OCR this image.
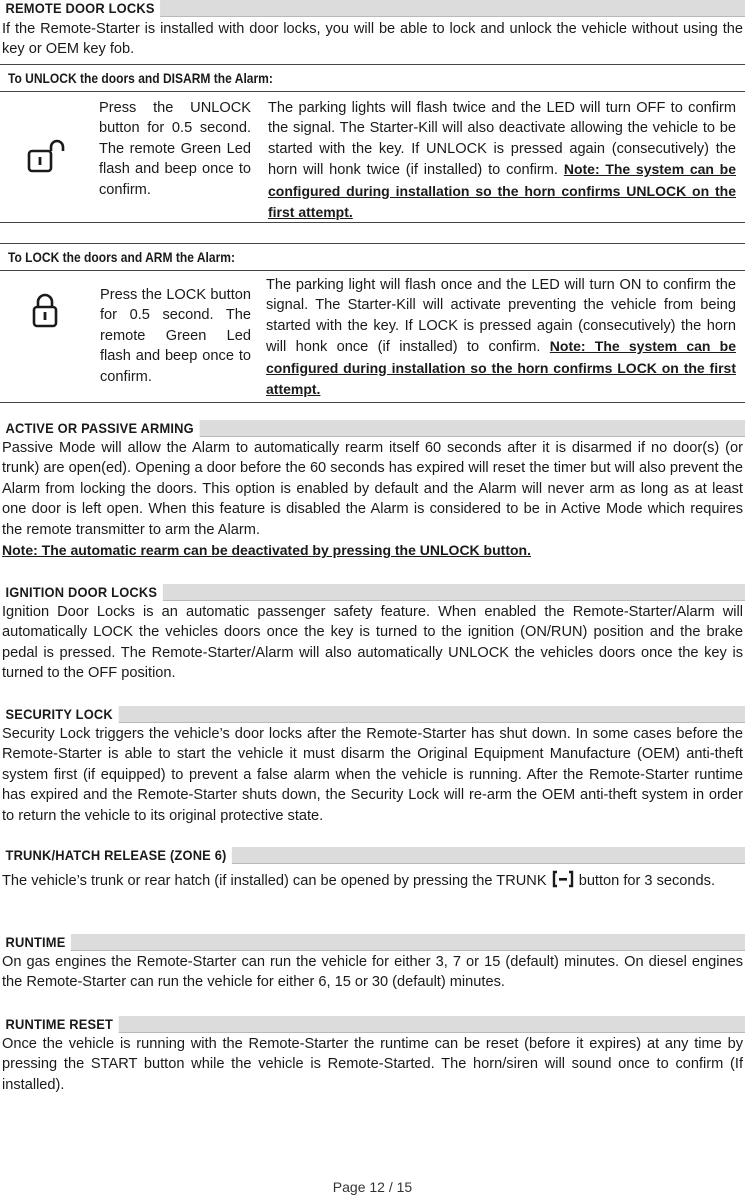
REMOTE DOOR LOCKS
If the Remote-Starter is installed with door locks, you will be able to lock and unlock the vehicle without using the key or OEM key fob.
To UNLOCK the doors and DISARM the Alarm:
Press the UNLOCK button for 0.5 second. The remote Green Led flash and beep once to confirm.
The parking lights will flash twice and the LED will turn OFF to confirm the signal. The Starter-Kill will also deactivate allowing the vehicle to be started with the key. If UNLOCK is pressed again (consecutively) the horn will honk twice (if installed) to confirm. Note: The system can be configured during installation so the horn confirms UNLOCK on the first attempt.
To LOCK the doors and ARM the Alarm:
Press the LOCK button for 0.5 second. The remote Green Led flash and beep once to confirm.
The parking light will flash once and the LED will turn ON to confirm the signal. The Starter-Kill will activate preventing the vehicle from being started with the key. If LOCK is pressed again (consecutively) the horn will honk once (if installed) to confirm. Note: The system can be configured during installation so the horn confirms LOCK on the first attempt.
ACTIVE OR PASSIVE ARMING
Passive Mode will allow the Alarm to automatically rearm itself 60 seconds after it is disarmed if no door(s) (or trunk) are open(ed). Opening a door before the 60 seconds has expired will reset the timer but will also prevent the Alarm from locking the doors. This option is enabled by default and the Alarm will never arm as long as at least one door is left open. When this feature is disabled the Alarm is considered to be in Active Mode which requires the remote transmitter to arm the Alarm.
Note: The automatic rearm can be deactivated by pressing the UNLOCK button.
IGNITION DOOR LOCKS
Ignition Door Locks is an automatic passenger safety feature. When enabled the Remote-Starter/Alarm will automatically LOCK the vehicles doors once the key is turned to the ignition (ON/RUN) position and the brake pedal is pressed. The Remote-Starter/Alarm will also automatically UNLOCK the vehicles doors once the key is turned to the OFF position.
SECURITY LOCK
Security Lock triggers the vehicle’s door locks after the Remote-Starter has shut down. In some cases before the Remote-Starter is able to start the vehicle it must disarm the Original Equipment Manufacture (OEM) anti-theft system first (if equipped) to prevent a false alarm when the vehicle is running. After the Remote-Starter runtime has expired and the Remote-Starter shuts down, the Security Lock will re-arm the OEM anti-theft system in order to return the vehicle to its original protective state.
TRUNK/HATCH RELEASE (ZONE 6)
The vehicle’s trunk or rear hatch (if installed) can be opened by pressing the TRUNK button for 3 seconds.
RUNTIME
On gas engines the Remote-Starter can run the vehicle for either 3, 7 or 15 (default) minutes. On diesel engines the Remote-Starter can run the vehicle for either 6, 15 or 30 (default) minutes.
RUNTIME RESET
Once the vehicle is running with the Remote-Starter the runtime can be reset (before it expires) at any time by pressing the START button while the vehicle is Remote-Started. The horn/siren will sound once to confirm (If installed).
Page 12 / 15
